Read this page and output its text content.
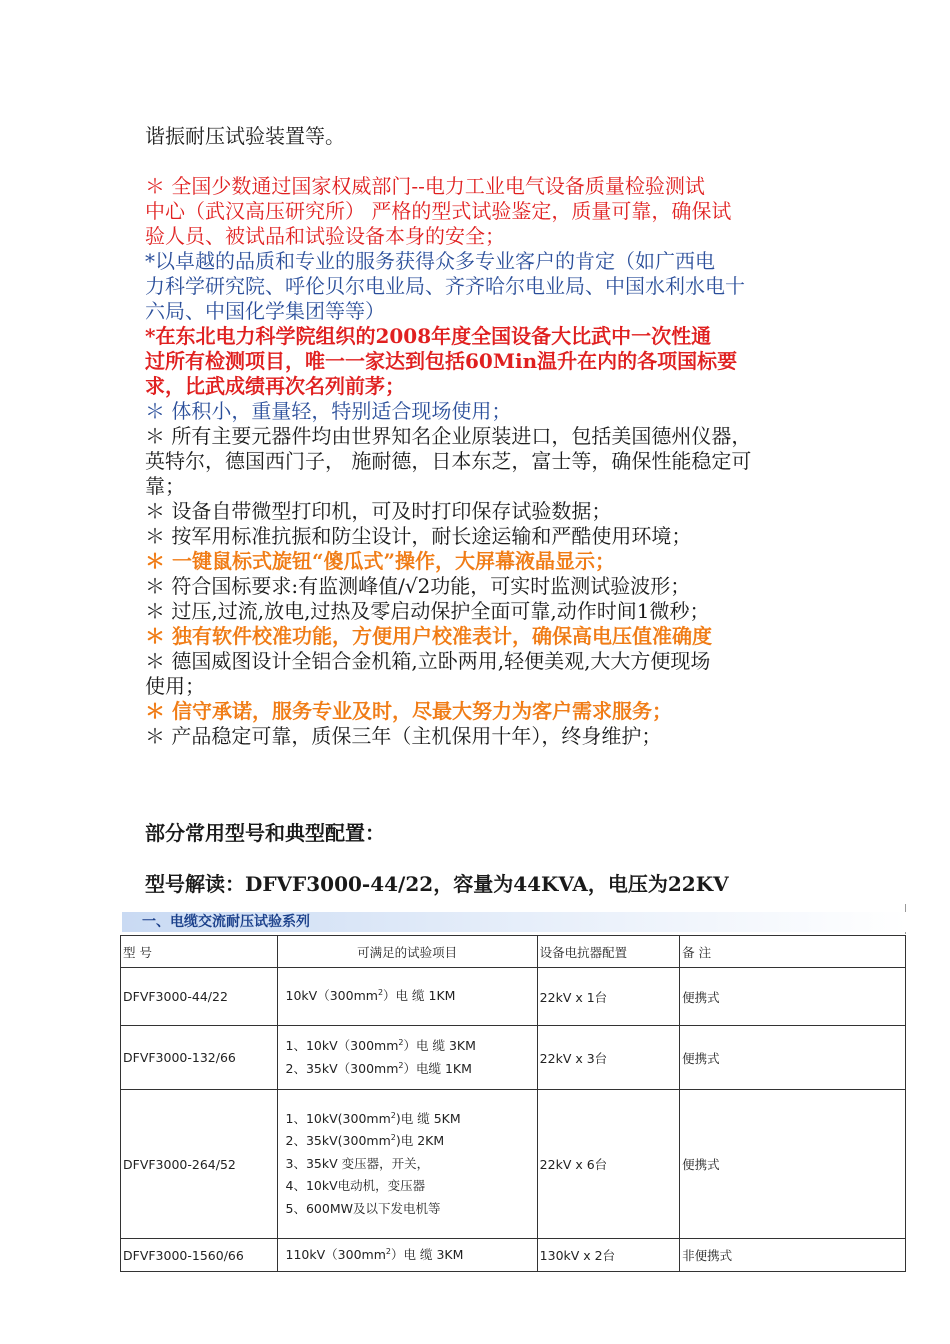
谐振耐压试验装置等。

＊ 全国少数通过国家权威部门--电力工业电气设备质量检验测试

中心（武汉高压研究所） 严格的型式试验鉴定，质量可靠，确保试

验人员、被试品和试验设备本身的安全；

*以卓越的品质和专业的服务获得众多专业客户的肯定（如广西电

力科学研究院、呼伦贝尔电业局、齐齐哈尔电业局、中国水利水电十

六局、中国化学集团等等）

*在东北电力科学院组织的2008年度全国设备大比武中一次性通

过所有检测项目，唯一一家达到包括60Min温升在内的各项国标要

求，比武成绩再次名列前茅；

＊ 体积小，重量轻，特别适合现场使用；

＊ 所有主要元器件均由世界知名企业原装进口，包括美国德州仪器，

英特尔，德国西门子， 施耐德，日本东芝，富士等，确保性能稳定可

靠；

＊ 设备自带微型打印机，可及时打印保存试验数据；

＊ 按军用标准抗振和防尘设计，耐长途运输和严酷使用环境；

＊ 一键鼠标式旋钮“傻瓜式”操作，大屏幕液晶显示；

＊ 符合国标要求:有监测峰值/√2功能，可实时监测试验波形；

＊ 过压,过流,放电,过热及零启动保护全面可靠,动作时间1微秒；

＊ 独有软件校准功能，方便用户校准表计，确保高电压值准确度

＊ 德国威图设计全铝合金机箱,立卧两用,轻便美观,大大方便现场

使用；

＊ 信守承诺，服务专业及时，尽最大努力为客户需求服务；

＊ 产品稳定可靠，质保三年（主机保用十年），终身维护；

部分常用型号和典型配置：

型号解读：DFVF3000-44/22，容量为44KVA，电压为22KV

一、电缆交流耐压试验系列
型 号	可满足的试验项目	设备电抗器配置	备 注
DFVF3000-44/22	$10kV(300mm^2)$电 缆 1KM	22kV x 1台	便携式
DFVF3000-132/66	1、$10kV(300mm^2)$电 缆 3KM
2、$35kV(300mm^2)$电缆 1KM	22kV x 3台	便携式
DFVF3000-264/52	1、$10kV(300mm^2)$电 缆 5KM
2、$35kV(300mm^2)$电 2KM
3、35kV 变压器，开关，
4、10kV电动机，变压器
5、600MW及以下发电机等	22kV x 6台	便携式
DFVF3000-1560/66	$110kV(300mm^2)$电 缆 3KM	130kV x 2台	非便携式
